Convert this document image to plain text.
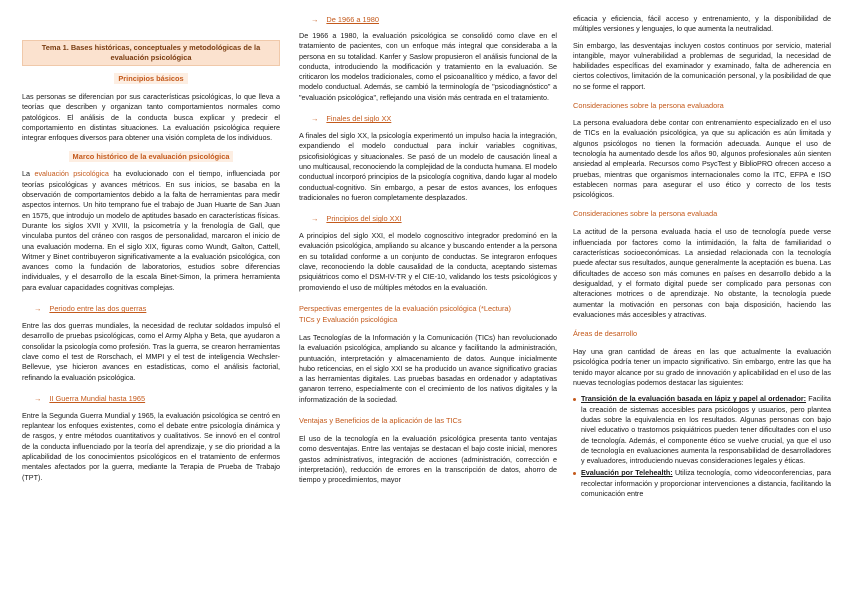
Tema 1. Bases históricas, conceptuales y metodológicas de la evaluación psicológica
Principios básicos

Las personas se diferencian por sus características psicológicas, lo que lleva a teorías que describen y organizan tanto comportamientos normales como patológicos. El análisis de la conducta busca explicar y predecir el comportamiento en distintas situaciones. La evaluación psicológica requiere integrar enfoques diversos para obtener una visión completa de los individuos.

Marco histórico de la evaluación psicológica

La evaluación psicológica ha evolucionado con el tiempo, influenciada por teorías psicológicas y avances métricos. En sus inicios, se basaba en la observación de comportamientos debido a la falta de herramientas para medir aspectos internos. Un hito temprano fue el trabajo de Juan Huarte de San Juan en 1575, que introdujo un modelo de aptitudes basado en características físicas. Durante los siglos XVII y XVIII, la psicometría y la frenología de Gall, que vinculaba puntos del cráneo con rasgos de personalidad, marcaron el inicio de una evaluación moderna. En el siglo XIX, figuras como Wundt, Galton, Cattell, Witmer y Binet contribuyeron significativamente a la evaluación psicológica, con avances como la fundación de laboratorios, estudios sobre diferencias individuales, y el desarrollo de la escala Binet-Simon, la primera herramienta para evaluar capacidades cognitivas complejas.

→ Periodo entre las dos guerras

Entre las dos guerras mundiales, la necesidad de reclutar soldados impulsó el desarrollo de pruebas psicológicas, como el Army Alpha y Beta, que ayudaron a consolidar la psicología como profesión. Tras la guerra, se crearon herramientas clave como el test de Rorschach, el MMPI y el test de inteligencia Wechsler-Bellevue, yse hicieron avances en estadísticas, como el análisis factorial, refinando la evaluación psicológica.

→ II Guerra Mundial hasta 1965

Entre la Segunda Guerra Mundial y 1965, la evaluación psicológica se centró en replantear los enfoques existentes, como el debate entre psicología dinámica y de rasgos, y entre métodos cuantitativos y cualitativos. Se innovó en el control de la conducta influenciado por la teoría del aprendizaje, y se dio prioridad a la aplicabilidad de los conocimientos psicológicos en el tratamiento de enfermos mentales afectados por la guerra, mediante la Terapia de Prueba de Trabajo (TPT).

→ De 1966 a 1980

De 1966 a 1980, la evaluación psicológica se consolidó como clave en el tratamiento de pacientes, con un enfoque más integral que consideraba a la persona en su totalidad. Kanfer y Saslow propusieron el análisis funcional de la conducta, introduciendo la modificación y tratamiento en la evaluación. Se criticaron los modelos tradicionales, como el psicoanalítico y médico, a favor del modelo conductual. Además, se cambió la terminología de "psicodiagnóstico" a "evaluación psicológica", reflejando una visión más centrada en el tratamiento.

→ Finales del siglo XX

A finales del siglo XX, la psicología experimentó un impulso hacia la integración, expandiendo el modelo conductual para incluir variables cognitivas, psicofisiológicas y situacionales. Se pasó de un modelo de causación lineal a uno multicausal, reconociendo la complejidad de la conducta humana. El modelo conductual incorporó principios de la psicología cognitiva, dando lugar al modelo conductual-cognitivo. Sin embargo, a pesar de estos avances, los enfoques tradicionales no fueron completamente desplazados.

→ Principios del siglo XXI

A principios del siglo XXI, el modelo cognoscitivo integrador predominó en la evaluación psicológica, ampliando su alcance y buscando entender a la persona en su totalidad conforme a un conjunto de conductas. Se integraron enfoques clave, reconociendo la doble causalidad de la conducta, aceptando sistemas psiquiátricos como el DSM-IV-TR y el CIE-10, validando los tests psicológicos y promoviendo el uso de múltiples métodos en la evaluación.

Perspectivas emergentes de la evaluación psicológica (*Lectura)
TICs y Evaluación psicológica

Las Tecnologías de la Información y la Comunicación (TICs) han revolucionado la evaluación psicológica, ampliando su alcance y facilitando la administración, puntuación, interpretación y almacenamiento de datos. Aunque inicialmente hubo reticencias, en el siglo XXI se ha producido un avance significativo gracias a las herramientas digitales. Las pruebas basadas en ordenador y adaptativas ganaron terreno, especialmente con el crecimiento de los nativos digitales y la informatización de la sociedad.

Ventajas y Beneficios de la aplicación de las TICs

El uso de la tecnología en la evaluación psicológica presenta tanto ventajas como desventajas. Entre las ventajas se destacan el bajo coste inicial, menores gastos administrativos, integración de acciones (administración, corrección e interpretación), reducción de errores en la transcripción de datos, ahorro de tiempo y procedimientos, mayor

eficacia y eficiencia, fácil acceso y entrenamiento, y la disponibilidad de múltiples versiones y lenguajes, lo que aumenta la neutralidad.

Sin embargo, las desventajas incluyen costos continuos por servicio, material intangible, mayor vulnerabilidad a problemas de seguridad, la necesidad de habilidades específicas del examinador y examinado, falta de adherencia en ciertos colectivos, limitación de la comunicación personal, y la posibilidad de que no se forme el rapport.

Consideraciones sobre la persona evaluadora

La persona evaluadora debe contar con entrenamiento especializado en el uso de TICs en la evaluación psicológica, ya que su aplicación es aún limitada y algunos psicólogos no tienen la formación adecuada. Aunque el uso de tecnología ha aumentado desde los años 90, algunos profesionales aún sienten ansiedad al emplearla. Recursos como PsycTest y BiblioPRO ofrecen acceso a pruebas, mientras que organismos internacionales como la ITC, EFPA e ISO establecen normas para asegurar el uso ético y correcto de los tests psicológicos.

Consideraciones sobre la persona evaluada

La actitud de la persona evaluada hacia el uso de tecnología puede verse influenciada por factores como la intimidación, la falta de familiaridad o características socioeconómicas. La ansiedad relacionada con la tecnología puede afectar sus resultados, aunque generalmente la aceptación es buena. Las dificultades de acceso son más comunes en países en desarrollo debido a la desigualdad, y el formato digital puede ser complicado para personas con alteraciones motrices o de aprendizaje. No obstante, la tecnología puede aumentar la motivación en personas con baja disposición, haciendo las evaluaciones más accesibles y atractivas.

Áreas de desarrollo

Hay una gran cantidad de áreas en las que actualmente la evaluación psicológica podría tener un impacto significativo. Sin embargo, entre las que ha tenido mayor alcance por su grado de innovación y aplicabilidad en el uso de las nuevas tecnologías podemos destacar las siguientes:

Transición de la evaluación basada en lápiz y papel al ordenador: Facilita la creación de sistemas accesibles para psicólogos y usuarios, pero plantea dudas sobre la equivalencia en los resultados. Algunas personas con bajo nivel educativo o trastornos psiquiátricos pueden tener dificultades con el uso de tecnología. Además, el componente ético se vuelve crucial, ya que el uso de tecnología en evaluaciones aumenta la responsabilidad de desarrolladores y evaluadores, introduciendo nuevas consideraciones legales y éticas.

Evaluación por Telehealth: Utiliza tecnología, como videoconferencias, para recolectar información y proporcionar intervenciones a distancia, facilitando la comunicación entre
